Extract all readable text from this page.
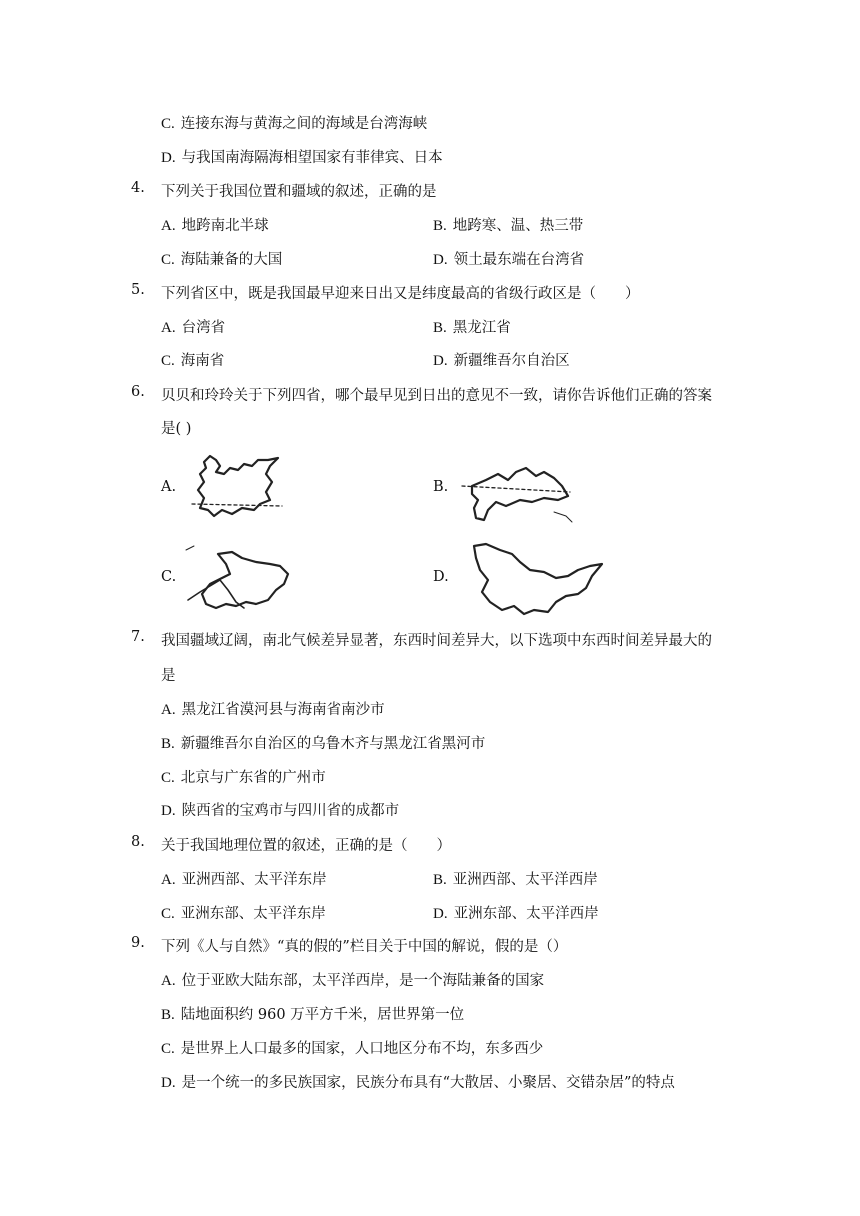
C. 连接东海与黄海之间的海域是台湾海峡
D. 与我国南海隔海相望国家有菲律宾、日本
4. 下列关于我国位置和疆域的叙述，正确的是
A. 地跨南北半球	B. 地跨寒、温、热三带
C. 海陆兼备的大国	D. 领土最东端在台湾省
5. 下列省区中，既是我国最早迎来日出又是纬度最高的省级行政区是（　　）
A. 台湾省	B. 黑龙江省
C. 海南省	D. 新疆维吾尔自治区
6. 贝贝和玲玲关于下列四省，哪个最早见到日出的意见不一致，请你告诉他们正确的答案
是( )
A.	B.
C.	D.
7. 我国疆域辽阔，南北气候差异显著，东西时间差异大，以下选项中东西时间差异最大的
是
A. 黑龙江省漠河县与海南省南沙市
B. 新疆维吾尔自治区的乌鲁木齐与黑龙江省黑河市
C. 北京与广东省的广州市
D. 陕西省的宝鸡市与四川省的成都市
8. 关于我国地理位置的叙述，正确的是（　　）
A. 亚洲西部、太平洋东岸	B. 亚洲西部、太平洋西岸
C. 亚洲东部、太平洋东岸	D. 亚洲东部、太平洋西岸
9. 下列《人与自然》“真的假的”栏目关于中国的解说，假的是（）
A. 位于亚欧大陆东部，太平洋西岸，是一个海陆兼备的国家
B. 陆地面积约 960 万平方千米，居世界第一位
C. 是世界上人口最多的国家，人口地区分布不均，东多西少
D. 是一个统一的多民族国家，民族分布具有“大散居、小聚居、交错杂居”的特点
